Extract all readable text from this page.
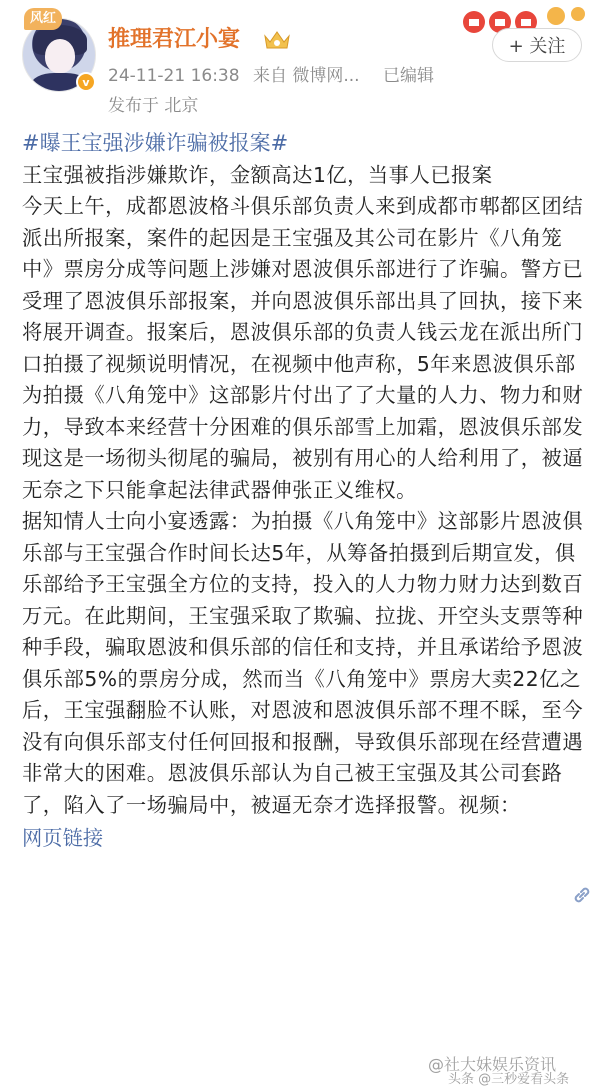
风红
v
推理君江小宴
24-11-21 16:38 来自 微博网... 已编辑
发布于 北京
+ 关注
#曝王宝强涉嫌诈骗被报案#
王宝强被指涉嫌欺诈，金额高达1亿，当事人已报案
今天上午，成都恩波格斗俱乐部负责人来到成都市郫都区团结派出所报案，案件的起因是王宝强及其公司在影片《八角笼中》票房分成等问题上涉嫌对恩波俱乐部进行了诈骗。警方已受理了恩波俱乐部报案，并向恩波俱乐部出具了回执，接下来将展开调查。报案后，恩波俱乐部的负责人钱云龙在派出所门口拍摄了视频说明情况，在视频中他声称，5年来恩波俱乐部为拍摄《八角笼中》这部影片付出了了大量的人力、物力和财力，导致本来经营十分困难的俱乐部雪上加霜，恩波俱乐部发现这是一场彻头彻尾的骗局，被别有用心的人给利用了，被逼无奈之下只能拿起法律武器伸张正义维权。
据知情人士向小宴透露：为拍摄《八角笼中》这部影片恩波俱乐部与王宝强合作时间长达5年，从筹备拍摄到后期宣发，俱乐部给予王宝强全方位的支持，投入的人力物力财力达到数百万元。在此期间，王宝强采取了欺骗、拉拢、开空头支票等种种手段，骗取恩波和俱乐部的信任和支持，并且承诺给予恩波俱乐部5%的票房分成，然而当《八角笼中》票房大卖22亿之后，王宝强翻脸不认账，对恩波和恩波俱乐部不理不睬，至今没有向俱乐部支付任何回报和报酬，导致俱乐部现在经营遭遇非常大的困难。恩波俱乐部认为自己被王宝强及其公司套路了，陷入了一场骗局中，被逼无奈才选择报警。视频：
网页链接
@社大妹娱乐资讯
头条 @三秒爱看头条
